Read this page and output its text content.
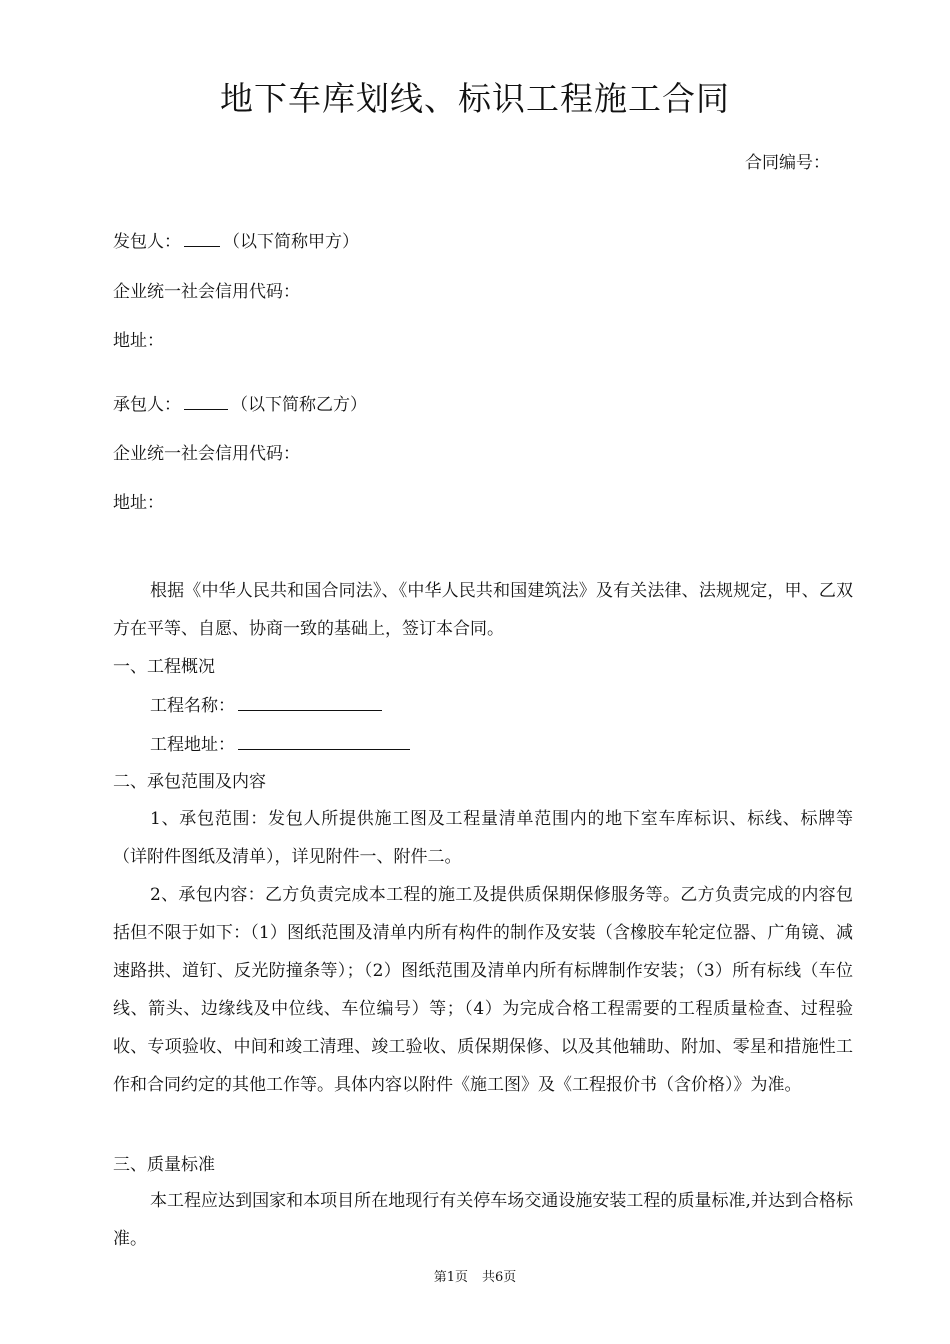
地下车库划线、标识工程施工合同
合同编号：
发包人： （以下简称甲方）
企业统一社会信用代码：
地址：
承包人：	（以下简称乙方）
企业统一社会信用代码：
地址：

根据《中华人民共和国合同法》、《中华人民共和国建筑法》及有关法律、法规规定，甲、乙双方在平等、自愿、协商一致的基础上，签订本合同。

一、工程概况
工程名称：
工程地址：
二、承包范围及内容

1、承包范围：发包人所提供施工图及工程量清单范围内的地下室车库标识、标线、标牌等（详附件图纸及清单），详见附件一、附件二。

2、承包内容：乙方负责完成本工程的施工及提供质保期保修服务等。乙方负责完成的内容包括但不限于如下：（1）图纸范围及清单内所有构件的制作及安装（含橡胶车轮定位器、广角镜、减速路拱、道钉、反光防撞条等）；（2）图纸范围及清单内所有标牌制作安装；（3）所有标线（车位线、箭头、边缘线及中位线、车位编号）等；（4）为完成合格工程需要的工程质量检查、过程验收、专项验收、中间和竣工清理、竣工验收、质保期保修、以及其他辅助、附加、零星和措施性工作和合同约定的其他工作等。具体内容以附件《施工图》及《工程报价书（含价格）》为准。

三、质量标准

本工程应达到国家和本项目所在地现行有关停车场交通设施安装工程的质量标准,并达到合格标准。

第1页 共6页
